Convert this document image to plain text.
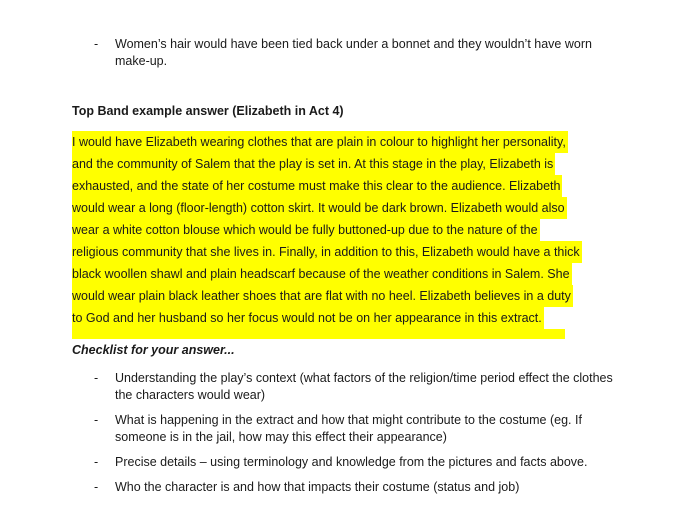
-	Women’s hair would have been tied back under a bonnet and they wouldn’t have worn
make-up.
Top Band example answer (Elizabeth in Act 4)
I would have Elizabeth wearing clothes that are plain in colour to highlight her personality,
and the community of Salem that the play is set in. At this stage in the play, Elizabeth is
exhausted, and the state of her costume must make this clear to the audience. Elizabeth
would wear a long (floor-length) cotton skirt. It would be dark brown. Elizabeth would also
wear a white cotton blouse which would be fully buttoned-up due to the nature of the
religious community that she lives in. Finally, in addition to this, Elizabeth would have a thick
black woollen shawl and plain headscarf because of the weather conditions in Salem. She
would wear plain black leather shoes that are flat with no heel. Elizabeth believes in a duty
to God and her husband so her focus would not be on her appearance in this extract.
Checklist for your answer...
-	Understanding the play’s context (what factors of the religion/time period effect the clothes
the characters would wear)
-	What is happening in the extract and how that might contribute to the costume (eg. If
someone is in the jail, how may this effect their appearance)
-	Precise details – using terminology and knowledge from the pictures and facts above.
-	Who the character is and how that impacts their costume (status and job)
